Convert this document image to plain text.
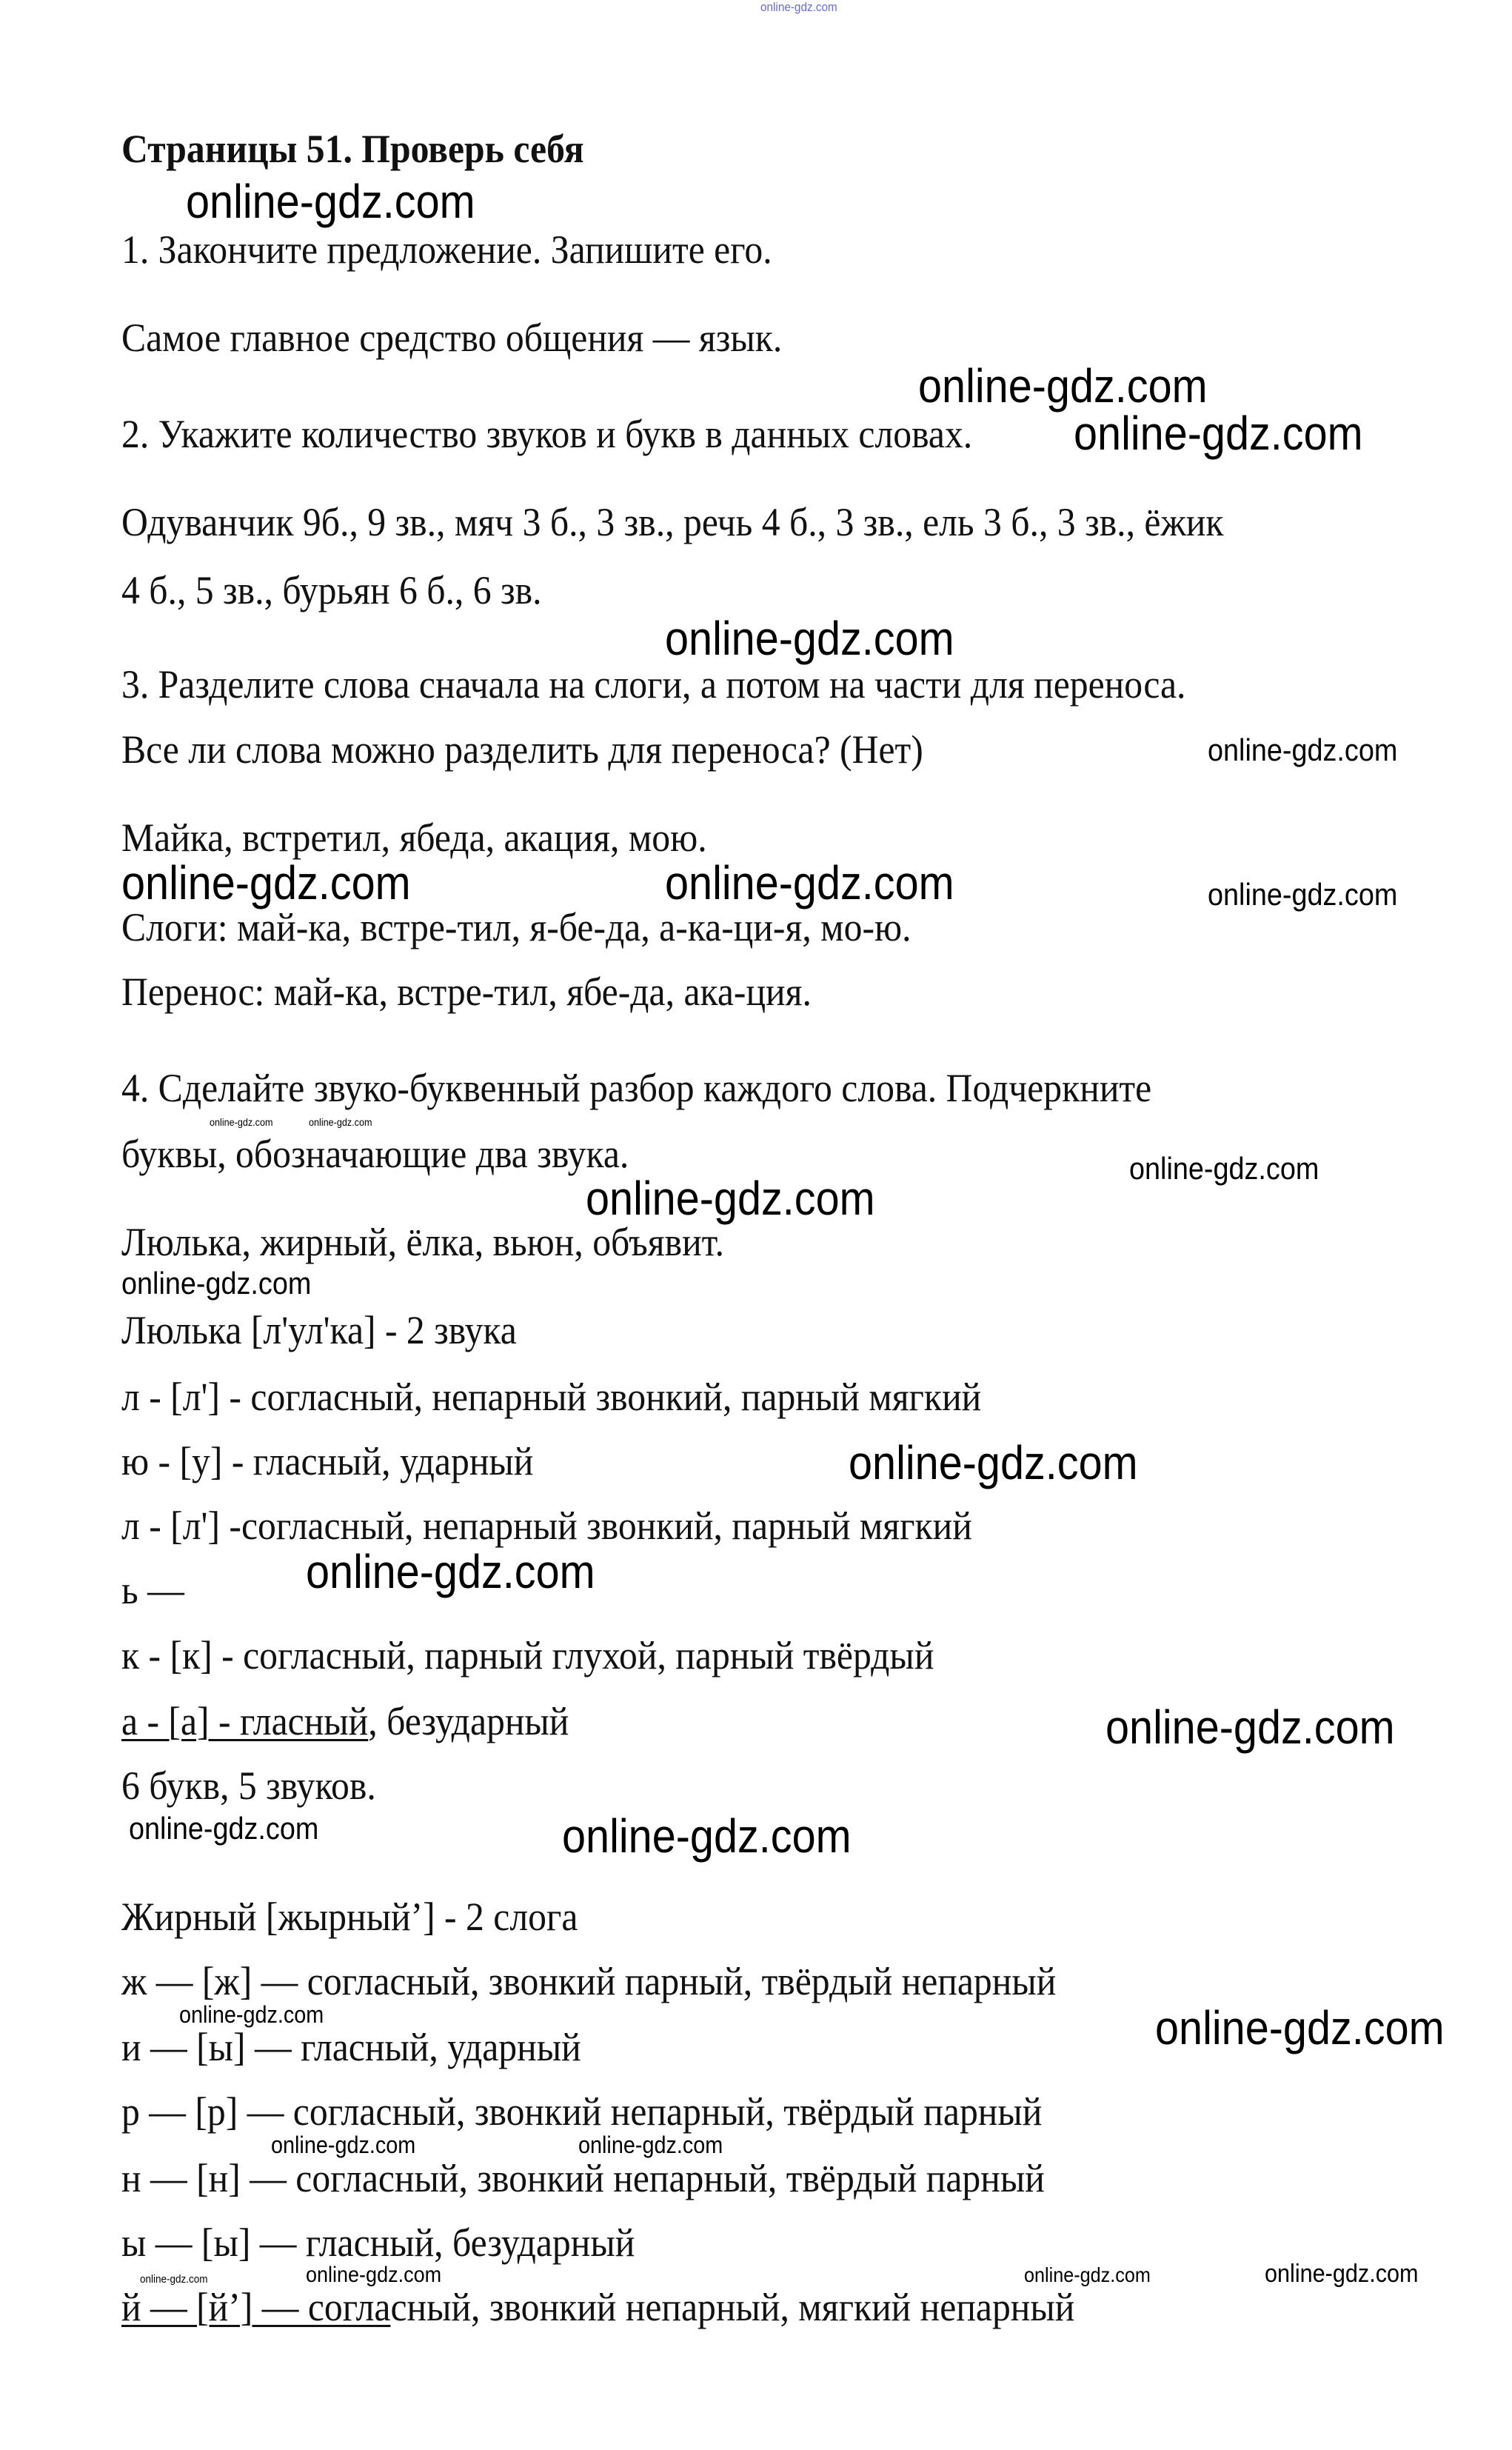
Страницы 51. Проверь себя
1. Закончите предложение. Запишите его.
Самое главное средство общения — язык.
2. Укажите количество звуков и букв в данных словах.
Одуванчик 9б., 9 зв., мяч 3 б., 3 зв., речь 4 б., 3 зв., ель 3 б., 3 зв., ёжик
4 б., 5 зв., бурьян 6 б., 6 зв.
3. Разделите слова сначала на слоги, а потом на части для переноса.
Все ли слова можно разделить для переноса? (Нет)
Майка, встретил, ябеда, акация, мою.
Слоги: май-ка, встре-тил, я-бе-да, а-ка-ци-я, мо-ю.
Перенос: май-ка, встре-тил, ябе-да, ака-ция.
4. Сделайте звуко-буквенный разбор каждого слова. Подчеркните
буквы, обозначающие два звука.
Люлька, жирный, ёлка, вьюн, объявит.
Люлька [л'ул'ка] - 2 звука
л - [л'] - согласный, непарный звонкий, парный мягкий
ю - [у] - гласный, ударный
л - [л'] -согласный, непарный звонкий, парный мягкий
ь —
к - [к] - согласный, парный глухой, парный твёрдый
а - [а] - гласный, безударный
6 букв, 5 звуков.
Жирный [жырный’] - 2 слога
ж — [ж] — согласный, звонкий парный, твёрдый непарный
и — [ы] — гласный, ударный
р — [р] — согласный, звонкий непарный, твёрдый парный
н — [н] — согласный, звонкий непарный, твёрдый парный
ы — [ы] — гласный, безударный
й — [й’] — согласный, звонкий непарный, мягкий непарный
online-gdz.com
online-gdz.com
online-gdz.com
online-gdz.com
online-gdz.com
online-gdz.com
online-gdz.com	online-gdz.com	online-gdz.com
online-gdz.com	online-gdz.com
online-gdz.com
online-gdz.com
online-gdz.com
online-gdz.com
online-gdz.com
online-gdz.com
online-gdz.com	online-gdz.com
online-gdz.com	online-gdz.com
online-gdz.com	online-gdz.com
online-gdz.com	online-gdz.com	online-gdz.com	online-gdz.com
